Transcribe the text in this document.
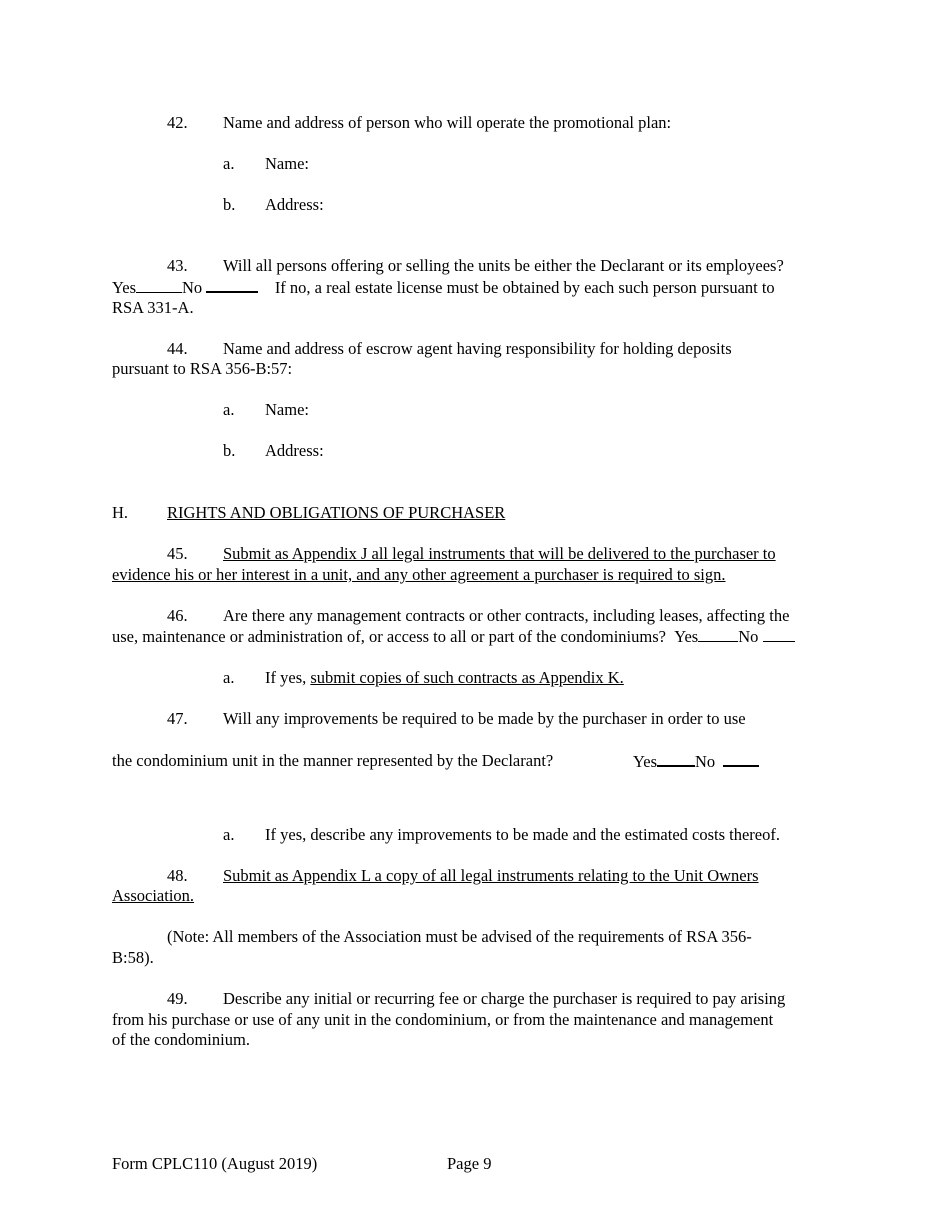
42. Name and address of person who will operate the promotional plan:
a. Name:
b. Address:
43. Will all persons offering or selling the units be either the Declarant or its employees?
Yes	No	If no, a real estate license must be obtained by each such person pursuant to
RSA 331-A.
44. Name and address of escrow agent having responsibility for holding deposits
pursuant to RSA 356-B:57:
a. Name:
b. Address:
H. RIGHTS AND OBLIGATIONS OF PURCHASER
45. Submit as Appendix J all legal instruments that will be delivered to the purchaser to
evidence his or her interest in a unit, and any other agreement a purchaser is required to sign.
46. Are there any management contracts or other contracts, including leases, affecting the
use, maintenance or administration of, or access to all or part of the condominiums? Yes No
a. If yes, submit copies of such contracts as Appendix K.
47. Will any improvements be required to be made by the purchaser in order to use
the condominium unit in the manner represented by the Declarant?	Yes No
a. If yes, describe any improvements to be made and the estimated costs thereof.
48. Submit as Appendix L a copy of all legal instruments relating to the Unit Owners
Association.
(Note: All members of the Association must be advised of the requirements of RSA 356-
B:58).
49. Describe any initial or recurring fee or charge the purchaser is required to pay arising
from his purchase or use of any unit in the condominium, or from the maintenance and management
of the condominium.
Form CPLC110 (August 2019)	Page 9
